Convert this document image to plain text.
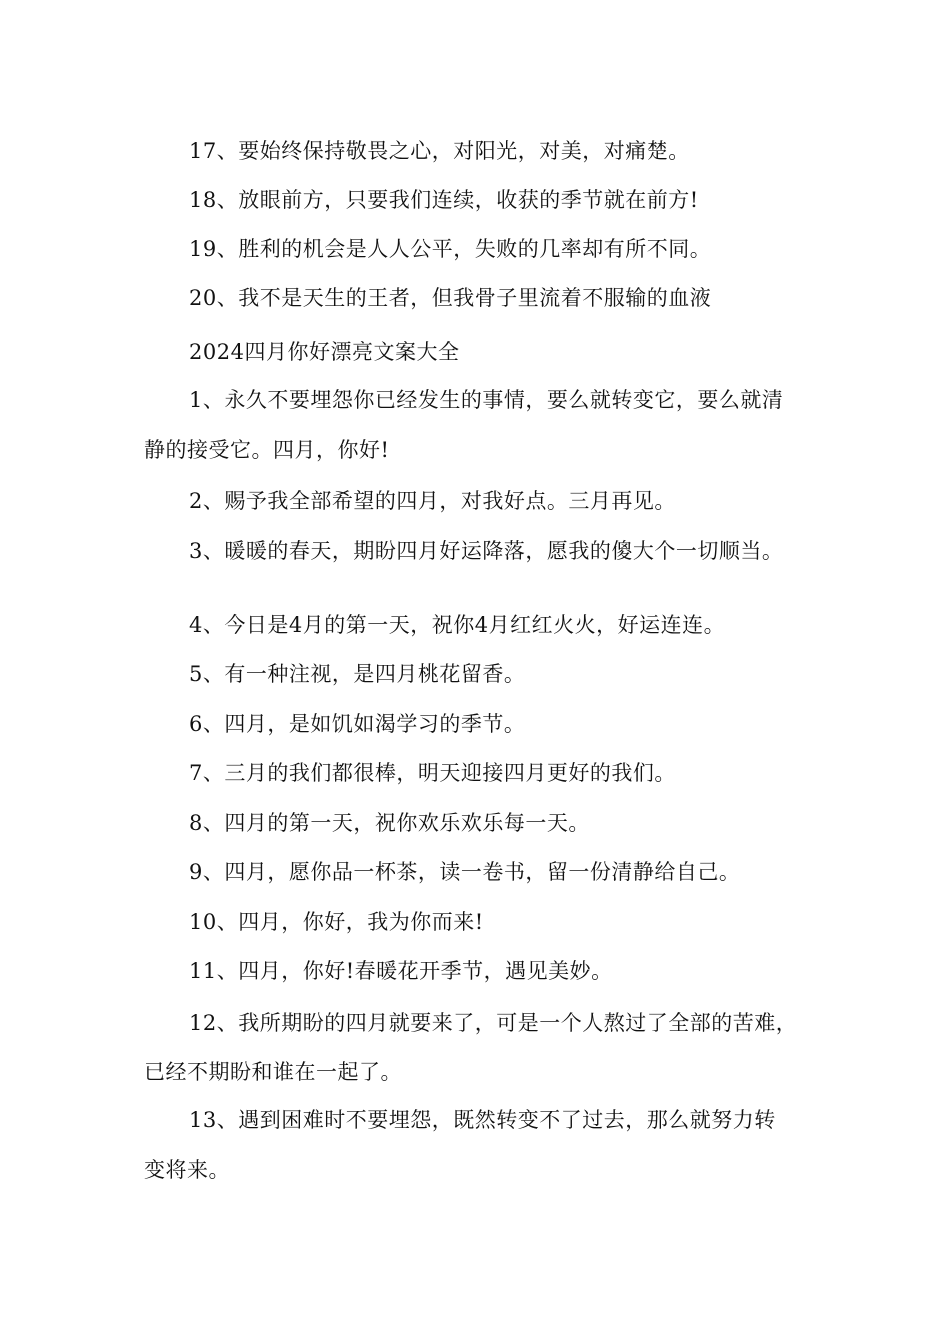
17、要始终保持敬畏之心，对阳光，对美，对痛楚。
18、放眼前方，只要我们连续，收获的季节就在前方!
19、胜利的机会是人人公平，失败的几率却有所不同。
20、我不是天生的王者，但我骨子里流着不服输的血液
2024四月你好漂亮文案大全
1、永久不要埋怨你已经发生的事情，要么就转变它，要么就清
静的接受它。四月，你好!
2、赐予我全部希望的四月，对我好点。三月再见。
3、暖暖的春天，期盼四月好运降落，愿我的傻大个一切顺当。
4、今日是4月的第一天，祝你4月红红火火，好运连连。
5、有一种注视，是四月桃花留香。
6、四月，是如饥如渴学习的季节。
7、三月的我们都很棒，明天迎接四月更好的我们。
8、四月的第一天，祝你欢乐欢乐每一天。
9、四月，愿你品一杯茶，读一卷书，留一份清静给自己。
10、四月，你好，我为你而来!
11、四月，你好!春暖花开季节，遇见美妙。
12、我所期盼的四月就要来了，可是一个人熬过了全部的苦难，
已经不期盼和谁在一起了。
13、遇到困难时不要埋怨，既然转变不了过去，那么就努力转
变将来。
